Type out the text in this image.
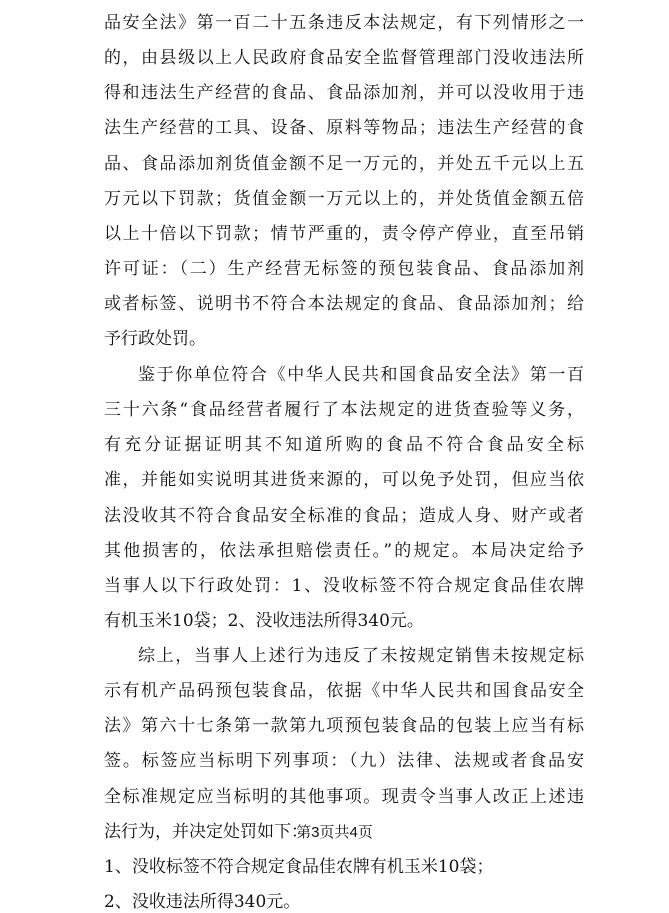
品安全法》第一百二十五条违反本法规定，有下列情形之一
的，由县级以上人民政府食品安全监督管理部门没收违法所
得和违法生产经营的食品、食品添加剂，并可以没收用于违
法生产经营的工具、设备、原料等物品；违法生产经营的食
品、食品添加剂货值金额不足一万元的，并处五千元以上五
万元以下罚款；货值金额一万元以上的，并处货值金额五倍
以上十倍以下罚款；情节严重的，责令停产停业，直至吊销
许可证：（二）生产经营无标签的预包装食品、食品添加剂
或者标签、说明书不符合本法规定的食品、食品添加剂；给
予行政处罚。
鉴于你单位符合《中华人民共和国食品安全法》第一百
三十六条“食品经营者履行了本法规定的进货查验等义务，
有充分证据证明其不知道所购的食品不符合食品安全标
准，并能如实说明其进货来源的，可以免予处罚，但应当依
法没收其不符合食品安全标准的食品；造成人身、财产或者
其他损害的，依法承担赔偿责任。”的规定。本局决定给予
当事人以下行政处罚：1、没收标签不符合规定食品佳农牌
有机玉米10袋；2、没收违法所得340元。
综上，当事人上述行为违反了未按规定销售未按规定标
示有机产品码预包装食品，依据《中华人民共和国食品安全
法》第六十七条第一款第九项预包装食品的包装上应当有标
签。标签应当标明下列事项：（九）法律、法规或者食品安
全标准规定应当标明的其他事项。现责令当事人改正上述违
法行为，并决定处罚如下：
1、没收标签不符合规定食品佳农牌有机玉米10袋；
2、没收违法所得340元。
第3页共4页
